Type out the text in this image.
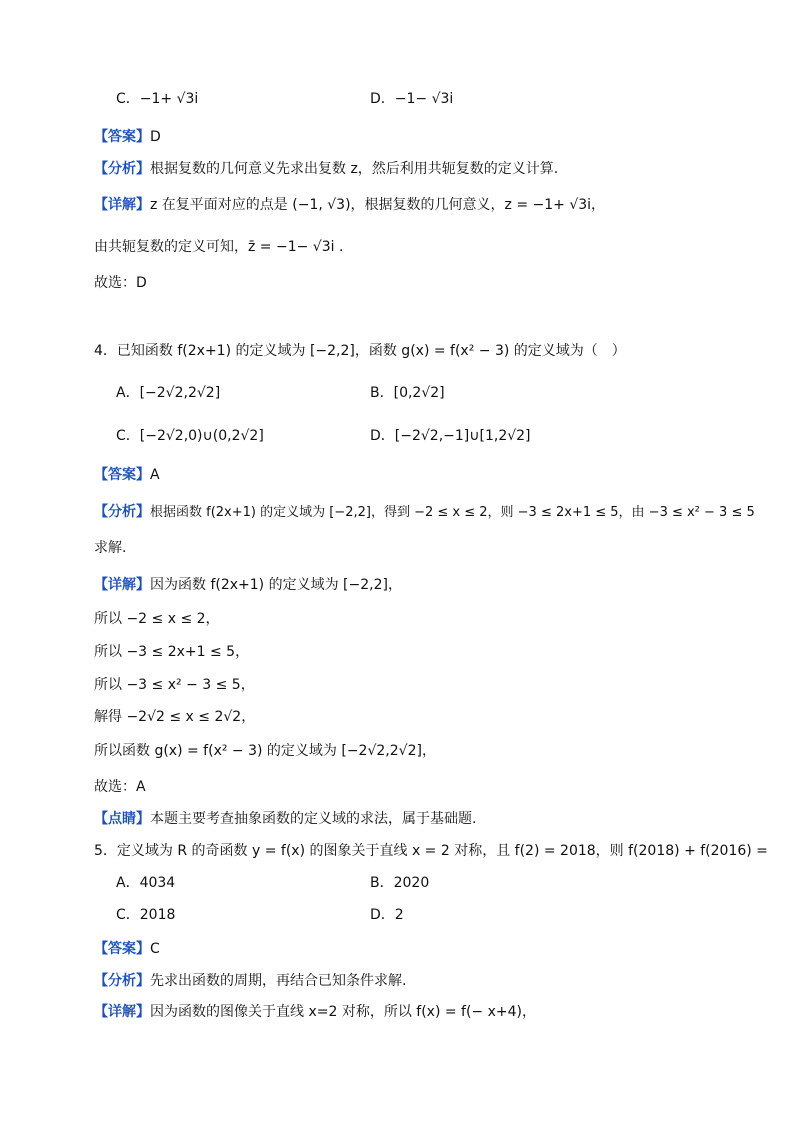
C．−1+ √3i	D．−1− √3i
【答案】D
【分析】根据复数的几何意义先求出复数 z，然后利用共轭复数的定义计算.
【详解】z 在复平面对应的点是 (−1, √3)，根据复数的几何意义，z = −1+ √3i，
由共轭复数的定义可知，z̄ = −1− √3i .
故选：D
4．已知函数 f(2x+1) 的定义域为 [−2,2]，函数 g(x) = f(x² − 3) 的定义域为（　）
A．[−2√2,2√2]	B．[0,2√2]
C．[−2√2,0)∪(0,2√2]	D．[−2√2,−1]∪[1,2√2]
【答案】A
【分析】根据函数 f(2x+1) 的定义域为 [−2,2]，得到 −2 ≤ x ≤ 2，则 −3 ≤ 2x+1 ≤ 5，由 −3 ≤ x² − 3 ≤ 5
求解.
【详解】因为函数 f(2x+1) 的定义域为 [−2,2]，
所以 −2 ≤ x ≤ 2，
所以 −3 ≤ 2x+1 ≤ 5，
所以 −3 ≤ x² − 3 ≤ 5，
解得 −2√2 ≤ x ≤ 2√2，
所以函数 g(x) = f(x² − 3) 的定义域为 [−2√2,2√2]，
故选：A
【点睛】本题主要考查抽象函数的定义域的求法，属于基础题.
5．定义域为 R 的奇函数 y = f(x) 的图象关于直线 x = 2 对称，且 f(2) = 2018，则 f(2018) + f(2016) =
A．4034	B．2020
C．2018	D．2
【答案】C
【分析】先求出函数的周期，再结合已知条件求解.
【详解】因为函数的图像关于直线 x=2 对称，所以 f(x) = f(− x+4)，
